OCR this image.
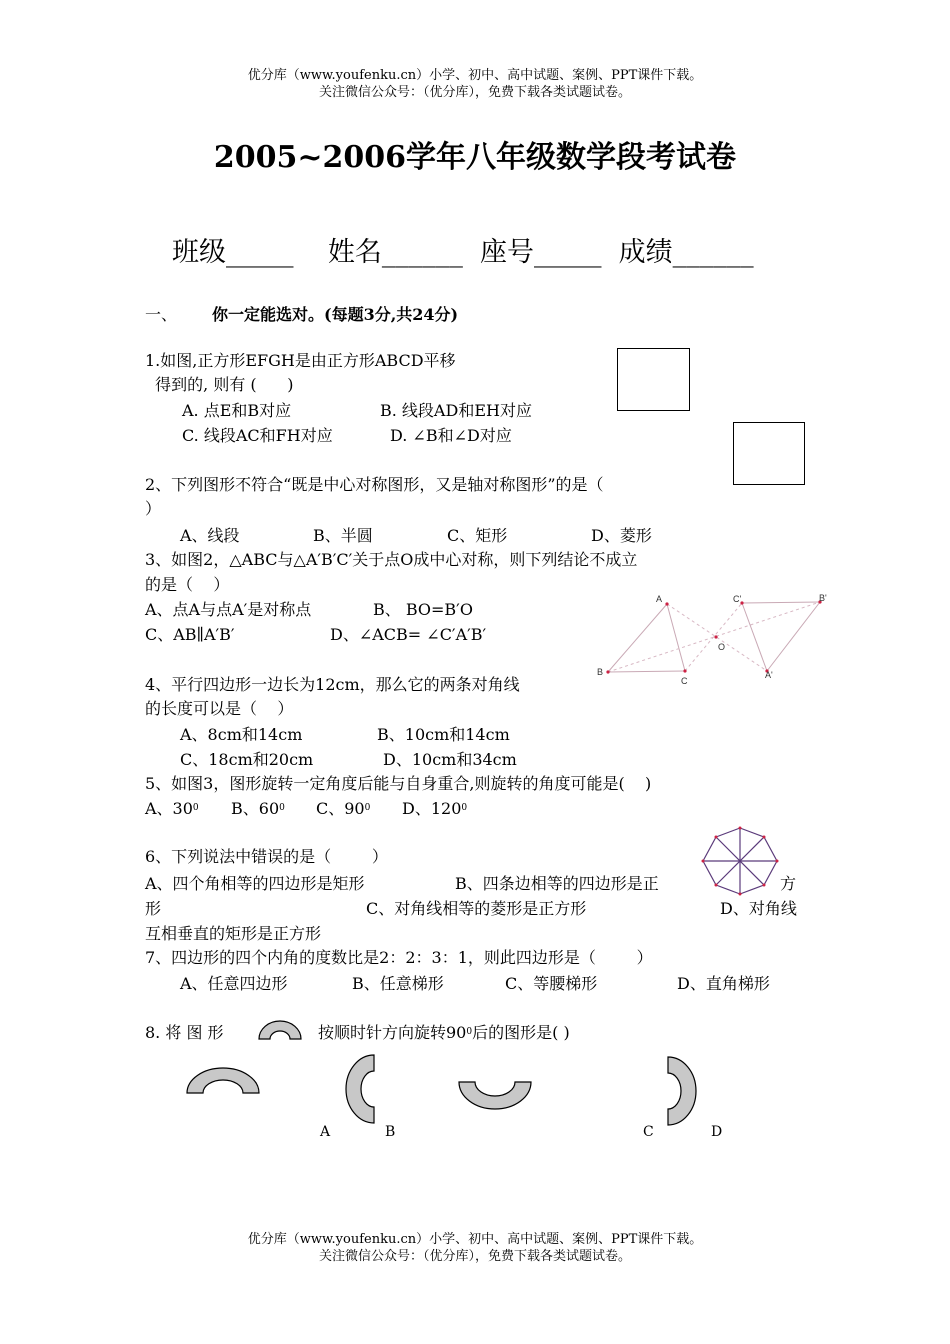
优分库（www.youfenku.cn）小学、初中、高中试题、案例、PPT课件下载。
关注微信公众号：（优分库），免费下载各类试题试卷。
2005~2006学年八年级数学段考试卷
班级_____    姓名______  座号_____  成绩______
一、 你一定能选对。(每题3分,共24分)
1.如图,正方形EFGH是由正方形ABCD平移
得到的, 则有 (      )
A. 点E和B对应	B. 线段AD和EH对应
C. 线段AC和FH对应	D. ∠B和∠D对应
2、下列图形不符合“既是中心对称图形，又是轴对称图形”的是（
）
A、线段	B、半圆	C、矩形	D、菱形
3、如图2，△ABC与△A′B′C′关于点O成中心对称，则下列结论不成立
的是（    ）
A、点A与点A′是对称点	B、 BO=B′O
C、AB∥A′B′	D、∠ACB= ∠C′A′B′
A
B
C
O
C'	B'
A'
4、平行四边形一边长为12cm，那么它的两条对角线
的长度可以是（    ）
A、8cm和14cm	B、10cm和14cm
C、18cm和20cm	D、10cm和34cm
5、如图3，图形旋转一定角度后能与自身重合,则旋转的角度可能是(    )
A、$30^0$ B、$60^0$ C、$90^0$ D、$120^0$
6、下列说法中错误的是（        ）
A、四个角相等的四边形是矩形	B、四条边相等的四边形是正	方
形	C、对角线相等的菱形是正方形	D、对角线
互相垂直的矩形是正方形
7、四边形的四个内角的度数比是2：2：3：1，则此四边形是（        ）
A、任意四边形	B、任意梯形	C、等腰梯形	D、直角梯形
8. 将 图 形	按顺时针方向旋转$90^0$后的图形是( )
A	B	C	D
优分库（www.youfenku.cn）小学、初中、高中试题、案例、PPT课件下载。
关注微信公众号：（优分库），免费下载各类试题试卷。
